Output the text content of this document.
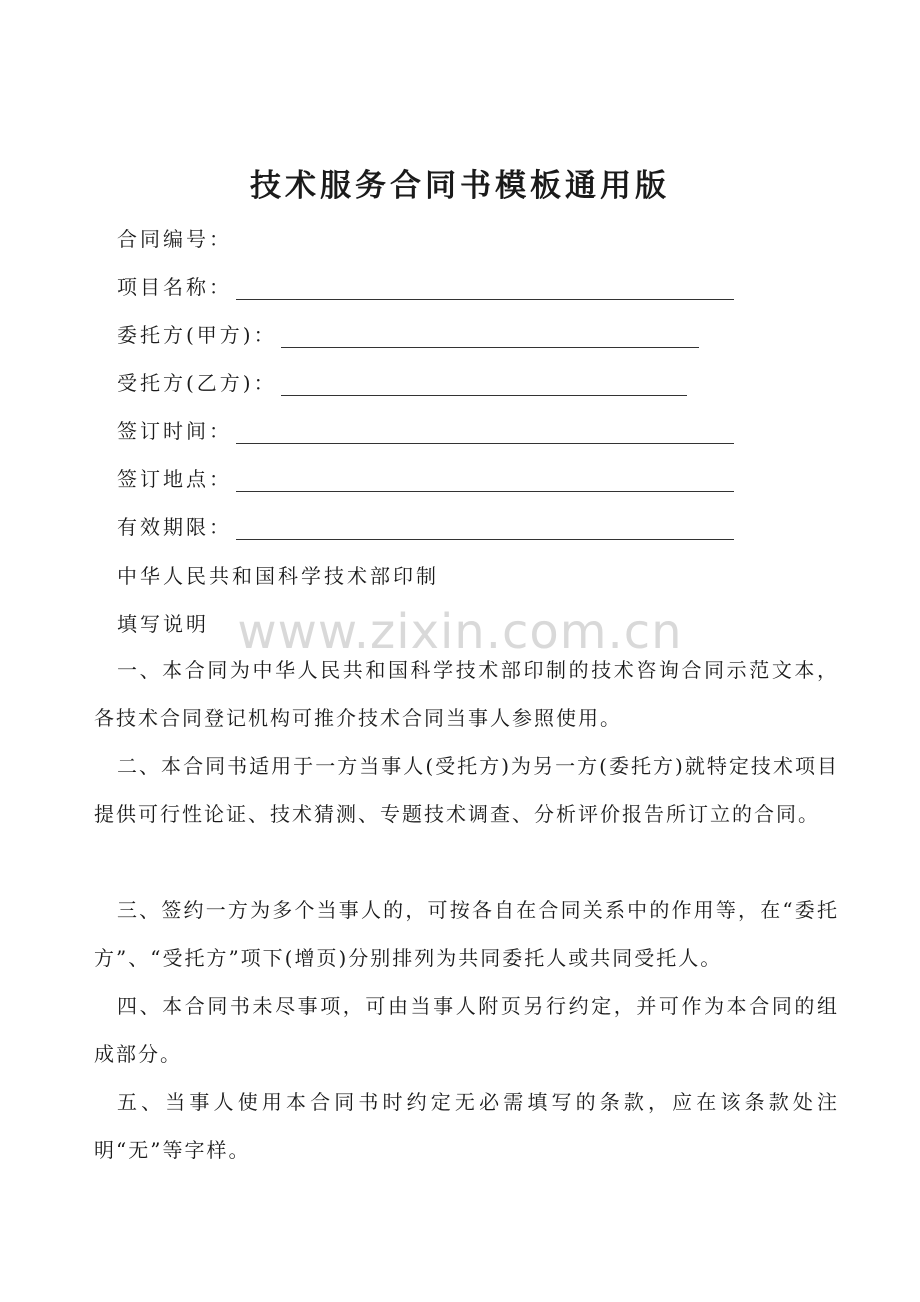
技术服务合同书模板通用版
合同编号：
项目名称：
委托方(甲方)：
受托方(乙方)：
签订时间：
签订地点：
有效期限：
中华人民共和国科学技术部印制
填写说明 www.zixin.com.cn
一、本合同为中华人民共和国科学技术部印制的技术咨询合同示范文本，各技术合同登记机构可推介技术合同当事人参照使用。
二、本合同书适用于一方当事人(受托方)为另一方(委托方)就特定技术项目提供可行性论证、技术猜测、专题技术调查、分析评价报告所订立的合同。
三、签约一方为多个当事人的，可按各自在合同关系中的作用等，在“委托方”、“受托方”项下(增页)分别排列为共同委托人或共同受托人。
四、本合同书未尽事项，可由当事人附页另行约定，并可作为本合同的组成部分。
五、当事人使用本合同书时约定无必需填写的条款，应在该条款处注明“无”等字样。
